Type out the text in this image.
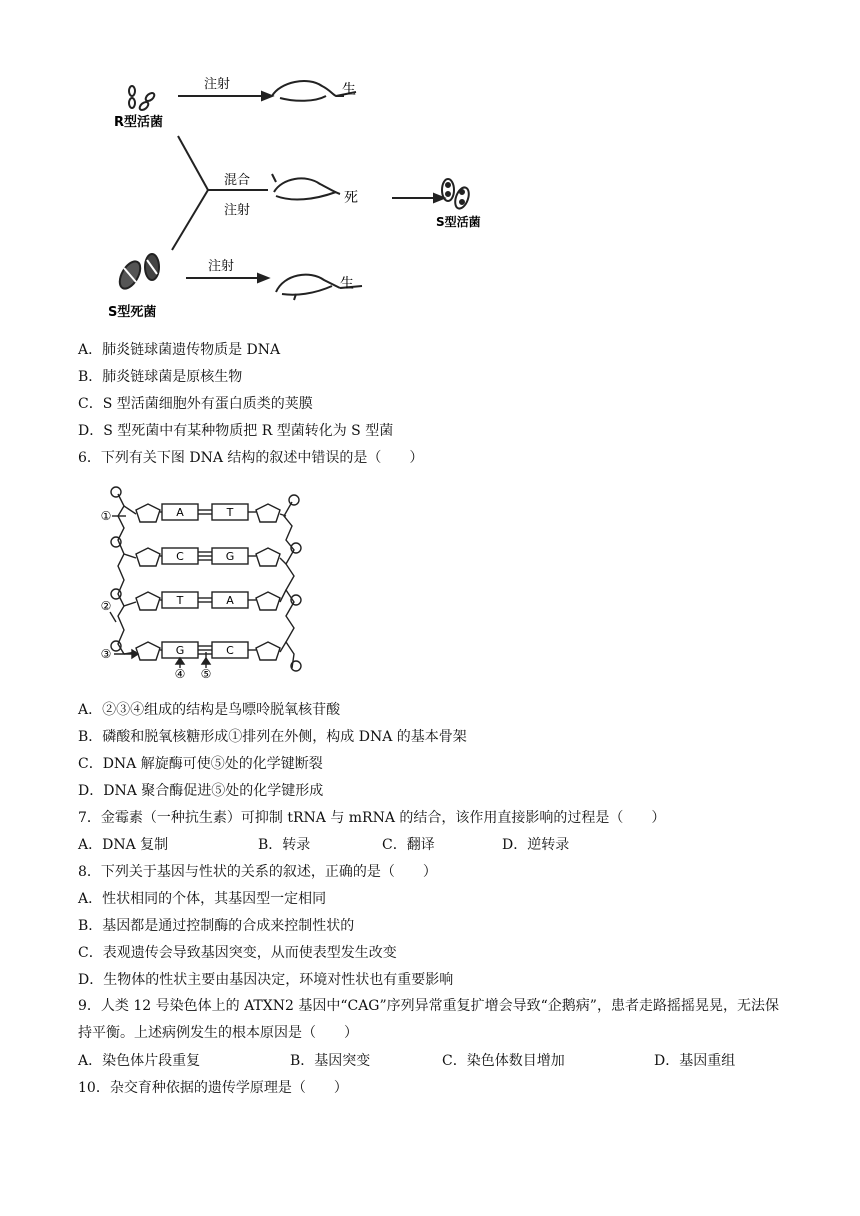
注射	生
R型活菌
混合
注射
死
S型活菌
注射
生
S型死菌
A．肺炎链球菌遗传物质是 DNA
B．肺炎链球菌是原核生物
C．S 型活菌细胞外有蛋白质类的荚膜
D．S 型死菌中有某种物质把 R 型菌转化为 S 型菌
6．下列有关下图 DNA 结构的叙述中错误的是（　　）
A	T
C	G
T	A
G	C
①
②
③
④ ⑤
A．②③④组成的结构是鸟嘌呤脱氧核苷酸
B．磷酸和脱氧核糖形成①排列在外侧，构成 DNA 的基本骨架
C．DNA 解旋酶可使⑤处的化学键断裂
D．DNA 聚合酶促进⑤处的化学键形成
7．金霉素（一种抗生素）可抑制 tRNA 与 mRNA 的结合，该作用直接影响的过程是（　　）
A．DNA 复制	B．转录	C．翻译	D．逆转录
8．下列关于基因与性状的关系的叙述，正确的是（　　）
A．性状相同的个体，其基因型一定相同
B．基因都是通过控制酶的合成来控制性状的
C．表观遗传会导致基因突变，从而使表型发生改变
D．生物体的性状主要由基因决定，环境对性状也有重要影响
9．人类 12 号染色体上的 ATXN2 基因中“CAG”序列异常重复扩增会导致“企鹅病”，患者走路摇摇晃晃，无法保持平衡。上述病例发生的根本原因是（　　）
A．染色体片段重复	B．基因突变	C．染色体数目增加	D．基因重组
10．杂交育种依据的遗传学原理是（　　）
